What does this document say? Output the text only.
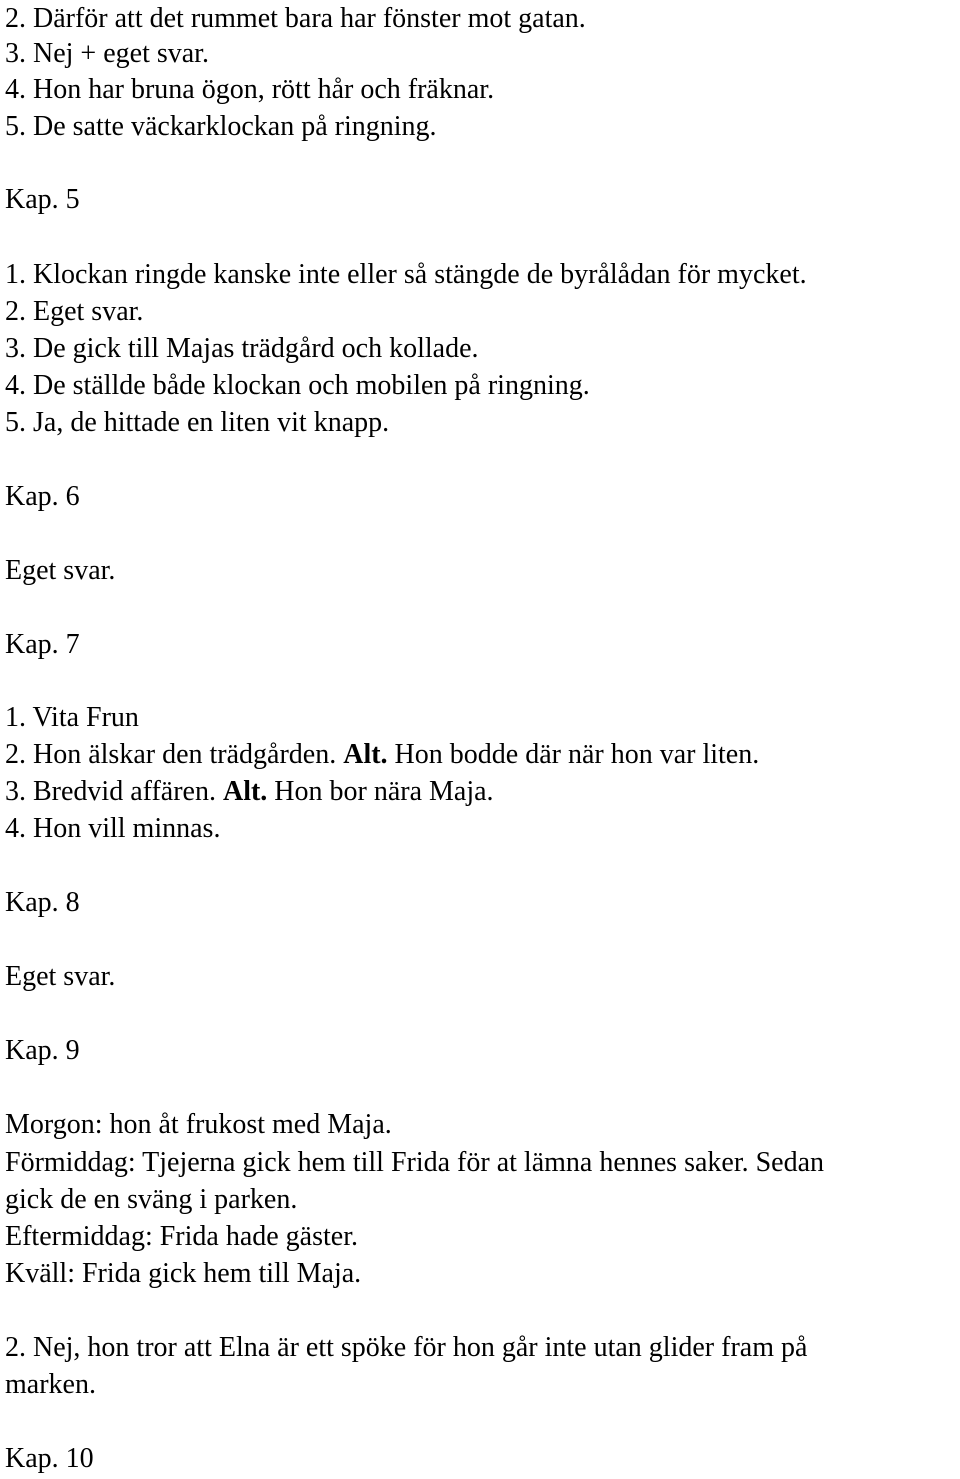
2. Därför att det rummet bara har fönster mot gatan.
3. Nej + eget svar.
4. Hon har bruna ögon, rött hår och fräknar.
5. De satte väckarklockan på ringning.
Kap. 5
1. Klockan ringde kanske inte eller så stängde de byrålådan för mycket.
2. Eget svar.
3. De gick till Majas trädgård och kollade.
4. De ställde både klockan och mobilen på ringning.
5. Ja, de hittade en liten vit knapp.
Kap. 6
Eget svar.
Kap. 7
1. Vita Frun
2. Hon älskar den trädgården. Alt. Hon bodde där när hon var liten.
3. Bredvid affären. Alt. Hon bor nära Maja.
4. Hon vill minnas.
Kap. 8
Eget svar.
Kap. 9
Morgon: hon åt frukost med Maja.
Förmiddag: Tjejerna gick hem till Frida för at lämna hennes saker. Sedan
gick de en sväng i parken.
Eftermiddag: Frida hade gäster.
Kväll: Frida gick hem till Maja.
2. Nej, hon tror att Elna är ett spöke för hon går inte utan glider fram på
marken.
Kap. 10
